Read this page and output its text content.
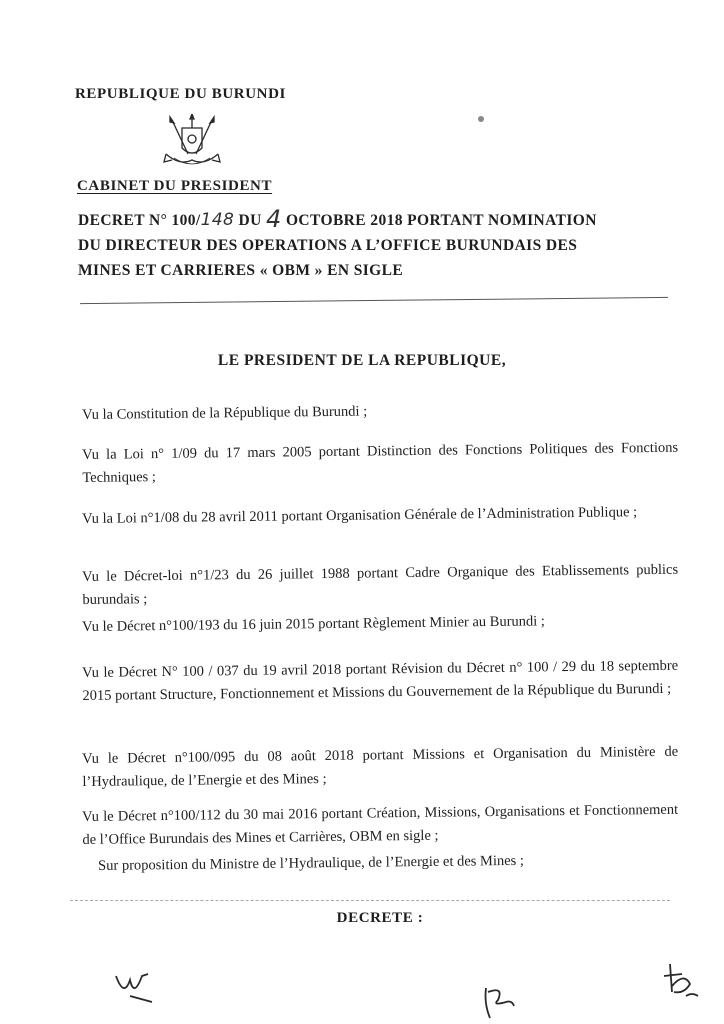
REPUBLIQUE DU BURUNDI
CABINET DU PRESIDENT
DECRET N° 100/148 DU 4 OCTOBRE 2018 PORTANT NOMINATION
DU DIRECTEUR DES OPERATIONS A L’OFFICE BURUNDAIS DES
MINES ET CARRIERES « OBM » EN SIGLE
LE PRESIDENT DE LA REPUBLIQUE,
Vu la Constitution de la République du Burundi ;
Vu la Loi n° 1/09 du 17 mars 2005 portant Distinction des Fonctions Politiques des Fonctions Techniques ;
Vu la Loi n°1/08 du 28 avril 2011 portant Organisation Générale de l’Administration Publique ;
Vu le Décret-loi n°1/23 du 26 juillet 1988 portant Cadre Organique des Etablissements publics burundais ;
Vu le Décret n°100/193 du 16 juin 2015 portant Règlement Minier au Burundi ;
Vu le Décret N° 100 / 037 du 19 avril 2018 portant Révision du Décret n° 100 / 29 du 18 septembre 2015 portant Structure, Fonctionnement et Missions du Gouvernement de la République du Burundi ;
Vu le Décret n°100/095 du 08 août 2018 portant Missions et Organisation du Ministère de l’Hydraulique, de l’Energie et des Mines ;
Vu le Décret n°100/112 du 30 mai 2016 portant Création, Missions, Organisations et Fonctionnement de l’Office Burundais des Mines et Carrières, OBM en sigle ;
Sur proposition du Ministre de l’Hydraulique, de l’Energie et des Mines ;
DECRETE :
